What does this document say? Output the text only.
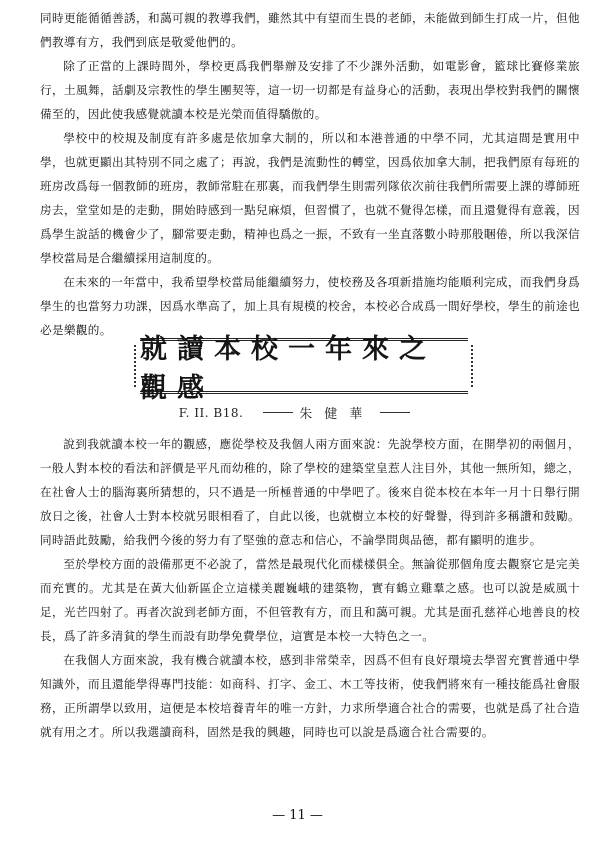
同時更能循循善誘，和藹可親的教導我們，雖然其中有望而生畏的老師，未能做到師生打成一片，但他們教導有方，我們到底是敬愛他們的。

除了正當的上課時間外，學校更爲我們舉辦及安排了不少課外活動，如電影會，籃球比賽修業旅行，土風舞，話劇及宗教性的學生團契等，這一切一切都是有益身心的活動，表現出學校對我們的關懷備至的，因此使我感覺就讀本校是光榮而值得驕傲的。

學校中的校規及制度有許多處是依加拿大制的，所以和本港普通的中學不同，尤其這間是實用中學，也就更顯出其特別不同之處了；再說，我們是流動性的轉堂，因爲依加拿大制，把我們原有每班的班房改爲每一個教師的班房，教師常駐在那裏，而我們學生則需列隊依次前往我們所需要上課的導師班房去，堂堂如是的走動，開始時感到一點兒麻煩，但習慣了，也就不覺得怎樣，而且還覺得有意義，因爲學生說話的機會少了，腳常要走動，精神也爲之一振，不致有一坐直落數小時那般睏倦，所以我深信學校當局是合繼續採用這制度的。

在未來的一年當中，我希望學校當局能繼續努力，使校務及各項新措施均能順利完成，而我們身爲學生的也當努力功課，因爲水準高了，加上具有規模的校舍，本校必合成爲一間好學校，學生的前途也必是樂觀的。

就讀本校一年來之觀感
F. II. B18.	朱健華

說到我就讀本校一年的觀感，應從學校及我個人兩方面來說：先說學校方面，在開學初的兩個月，一般人對本校的看法和評價是平凡而幼稚的，除了學校的建築堂皇惹人注目外，其他一無所知，總之，在社會人士的腦海裏所猜想的，只不過是一所極普通的中學吧了。後來自從本校在本年一月十日舉行開放日之後，社會人士對本校就另眼相看了，自此以後，也就樹立本校的好聲譽，得到許多稱讚和鼓勵。同時語此鼓勵，給我們今後的努力有了堅強的意志和信心，不論學問與品德，都有顯明的進步。

至於學校方面的設備那更不必說了，當然是最現代化而樣樣俱全。無論從那個角度去觀察它是完美而充實的。尤其是在黃大仙新區企立這樣美麗巍峨的建築物，實有鶴立雞羣之感。也可以說是威風十足，光芒四射了。再者次說到老師方面，不但管教有方，而且和藹可親。尤其是面孔慈祥心地善良的校長，爲了許多清貧的學生而設有助學免費學位，這實是本校一大特色之一。

在我個人方面來說，我有機合就讀本校，感到非常榮幸，因爲不但有良好環境去學習充實普通中學知識外，而且還能學得專門技能：如商科、打字、金工、木工等技術，使我們將來有一種技能爲社會服務，正所謂學以致用，這便是本校培養青年的唯一方針，力求所學適合社合的需要，也就是爲了社合造就有用之才。所以我選讀商科，固然是我的興趣，同時也可以說是爲適合社合需要的。

— 11 —
